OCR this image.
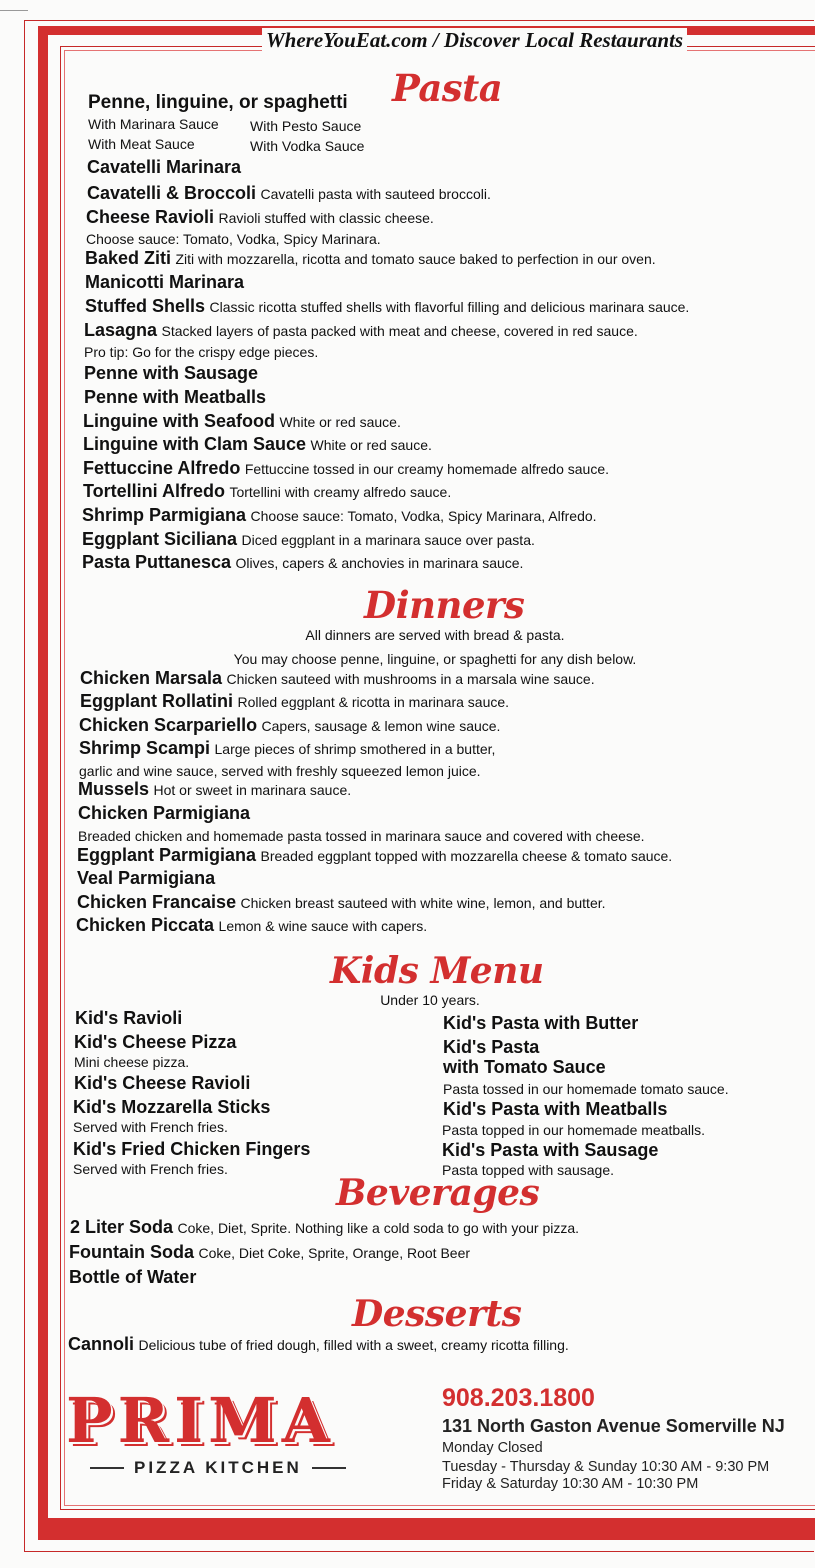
WhereYouEat.com / Discover Local Restaurants
Pasta
Penne, linguine, or spaghetti
With Marinara Sauce With Pesto Sauce
With Meat Sauce	With Vodka Sauce
Cavatelli Marinara
Cavatelli & Broccoli Cavatelli pasta with sauteed broccoli.
Cheese Ravioli Ravioli stuffed with classic cheese.
Choose sauce: Tomato, Vodka, Spicy Marinara.
Baked Ziti Ziti with mozzarella, ricotta and tomato sauce baked to perfection in our oven.
Manicotti Marinara
Stuffed Shells Classic ricotta stuffed shells with flavorful filling and delicious marinara sauce.
Lasagna Stacked layers of pasta packed with meat and cheese, covered in red sauce.
Pro tip: Go for the crispy edge pieces.
Penne with Sausage
Penne with Meatballs
Linguine with Seafood White or red sauce.
Linguine with Clam Sauce White or red sauce.
Fettuccine Alfredo Fettuccine tossed in our creamy homemade alfredo sauce.
Tortellini Alfredo Tortellini with creamy alfredo sauce.
Shrimp Parmigiana Choose sauce: Tomato, Vodka, Spicy Marinara, Alfredo.
Eggplant Siciliana Diced eggplant in a marinara sauce over pasta.
Pasta Puttanesca Olives, capers & anchovies in marinara sauce.
Dinners
All dinners are served with bread & pasta.
You may choose penne, linguine, or spaghetti for any dish below.
Chicken Marsala Chicken sauteed with mushrooms in a marsala wine sauce.
Eggplant Rollatini Rolled eggplant & ricotta in marinara sauce.
Chicken Scarpariello Capers, sausage & lemon wine sauce.
Shrimp Scampi Large pieces of shrimp smothered in a butter,
garlic and wine sauce, served with freshly squeezed lemon juice.
Mussels Hot or sweet in marinara sauce.
Chicken Parmigiana
Breaded chicken and homemade pasta tossed in marinara sauce and covered with cheese.
Eggplant Parmigiana Breaded eggplant topped with mozzarella cheese & tomato sauce.
Veal Parmigiana
Chicken Francaise Chicken breast sauteed with white wine, lemon, and butter.
Chicken Piccata Lemon & wine sauce with capers.
Kids Menu
Under 10 years.
Kid's Ravioli
Kid's Cheese Pizza
Mini cheese pizza.
Kid's Cheese Ravioli
Kid's Mozzarella Sticks
Served with French fries.
Kid's Fried Chicken Fingers
Served with French fries.
Kid's Pasta with Butter
Kid's Pasta
with Tomato Sauce
Pasta tossed in our homemade tomato sauce.
Kid's Pasta with Meatballs
Pasta topped in our homemade meatballs.
Kid's Pasta with Sausage
Pasta topped with sausage.
Beverages
2 Liter Soda Coke, Diet, Sprite. Nothing like a cold soda to go with your pizza.
Fountain Soda Coke, Diet Coke, Sprite, Orange, Root Beer
Bottle of Water
Desserts
Cannoli Delicious tube of fried dough, filled with a sweet, creamy ricotta filling.
PRIMA
PIZZA KITCHEN
908.203.1800
131 North Gaston Avenue Somerville NJ
Monday Closed
Tuesday - Thursday & Sunday 10:30 AM - 9:30 PM
Friday & Saturday 10:30 AM - 10:30 PM
